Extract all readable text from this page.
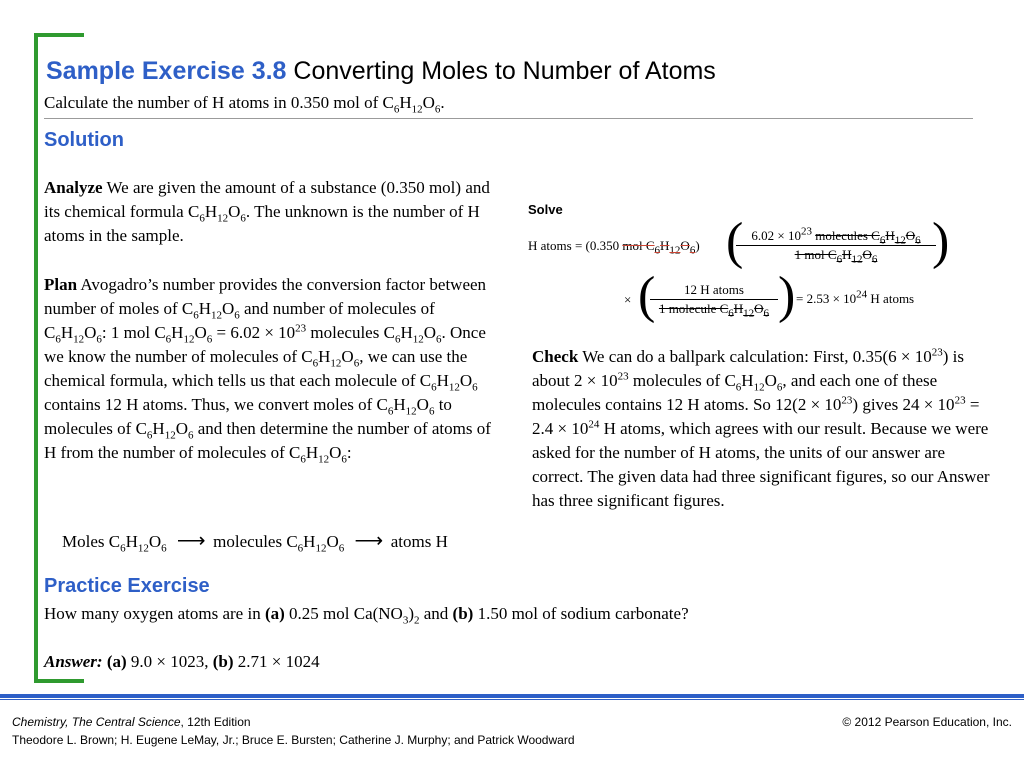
Sample Exercise 3.8 Converting Moles to Number of Atoms
Calculate the number of H atoms in 0.350 mol of $C_6H_{12}O_6$.
Solution
Analyze We are given the amount of a substance (0.350 mol) and its chemical formula $C_6H_{12}O_6$. The unknown is the number of H atoms in the sample.
Plan Avogadro’s number provides the conversion factor between number of moles of $C_6H_{12}O_6$ and number of molecules of $C_6H_{12}O_6$: 1 mol $C_6H_{12}O_6 = 6.02 \times 10^{23}$ molecules $C_6H_{12}O_6$. Once we know the number of molecules of $C_6H_{12}O_6$, we can use the chemical formula, which tells us that each molecule of $C_6H_{12}O_6$ contains 12 H atoms. Thus, we convert moles of $C_6H_{12}O_6$ to molecules of $C_6H_{12}O_6$ and then determine the number of atoms of H from the number of molecules of $C_6H_{12}O_6$:
Moles $C_6H_{12}O_6$ ⟶ molecules $C_6H_{12}O_6$ ⟶ atoms H
Solve
H atoms = (0.350 mol $C_6H_{12}O_6$) ( $6.02 \times 10^{23}$ molecules $C_6H_{12}O_6$
1 mol $C_6H_{12}O_6$	)
× (	12 H atoms
1 molecule $C_6H_{12}O_6$ ) = $2.53 \times 10^{24}$ H atoms
Check We can do a ballpark calculation: First, $0.35(6 \times 10^{23})$ is about $2 \times 10^{23}$ molecules of $C_6H_{12}O_6$, and each one of these molecules contains 12 H atoms. So $12(2 \times 10^{23})$ gives $24 \times 10^{23} = 2.4 \times 10^{24}$ H atoms, which agrees with our result. Because we were asked for the number of H atoms, the units of our answer are correct. The given data had three significant figures, so our Answer has three significant figures.
Practice Exercise
How many oxygen atoms are in (a) 0.25 mol $Ca(NO_3)_2$ and (b) 1.50 mol of sodium carbonate?
Answer: (a) 9.0 × 1023, (b) 2.71 × 1024
Chemistry, The Central Science, 12th Edition
Theodore L. Brown; H. Eugene LeMay, Jr.; Bruce E. Bursten; Catherine J. Murphy; and Patrick Woodward
© 2012 Pearson Education, Inc.
